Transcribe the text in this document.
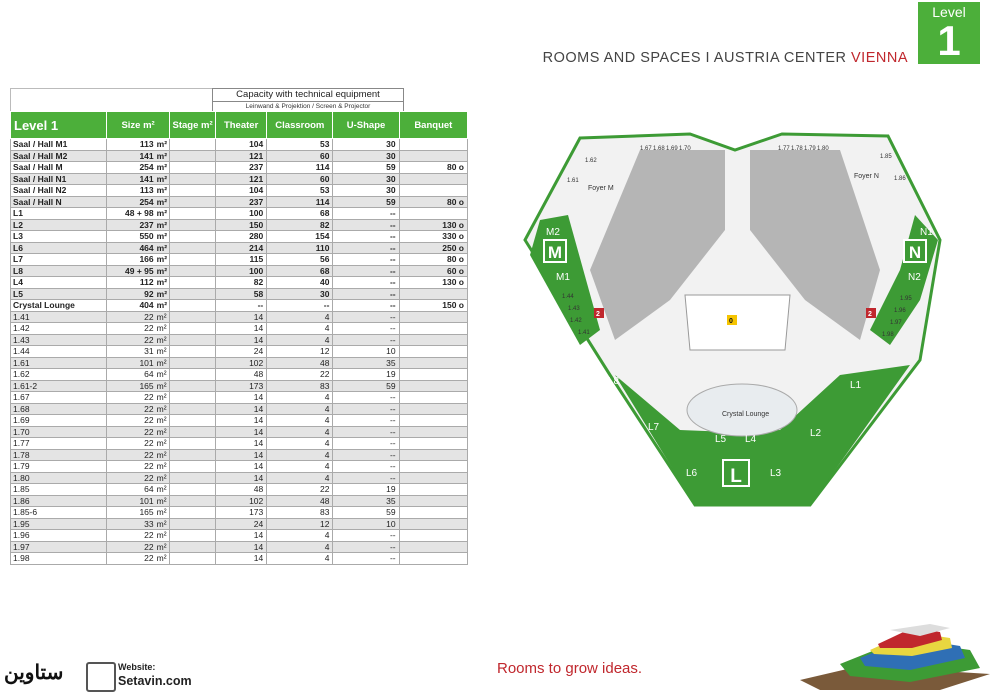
Level
1
ROOMS AND SPACES I AUSTRIA CENTER VIENNA
Capacity with technical equipment
Leinwand & Projektion / Screen & Projector
Level 1	Size m²		Stage m²	Theater	Classroom	U-Shape	Banquet
Saal / Hall M1	113	m²		104	53	30	
Saal / Hall M2	141	m²		121	60	30	
Saal / Hall M	254	m²		237	114	59	80 o
Saal / Hall N1	141	m²		121	60	30	
Saal / Hall N2	113	m²		104	53	30	
Saal / Hall N	254	m²		237	114	59	80 o
L1	48 + 98	m²		100	68	--	
L2	237	m²		150	82	--	130 o
L3	550	m²		280	154	--	330 o
L6	464	m²		214	110	--	250 o
L7	166	m²		115	56	--	80 o
L8	49 + 95	m²		100	68	--	60 o
L4	112	m²		82	40	--	130 o
L5	92	m²		58	30	--	
Crystal Lounge	404	m²		--	--	--	150 o
1.41	22	m²		14	4	--	
1.42	22	m²		14	4	--	
1.43	22	m²		14	4	--	
1.44	31	m²		24	12	10	
1.61	101	m²		102	48	35	
1.62	64	m²		48	22	19	
1.61-2	165	m²		173	83	59	
1.67	22	m²		14	4	--	
1.68	22	m²		14	4	--	
1.69	22	m²		14	4	--	
1.70	22	m²		14	4	--	
1.77	22	m²		14	4	--	
1.78	22	m²		14	4	--	
1.79	22	m²		14	4	--	
1.80	22	m²		14	4	--	
1.85	64	m²		48	22	19	
1.86	101	m²		102	48	35	
1.85-6	165	m²		173	83	59	
1.95	33	m²		24	12	10	
1.96	22	m²		14	4	--	
1.97	22	m²		14	4	--	
1.98	22	m²		14	4	--	
M	N
L
M2
M1
N1
N2
L1
L2
L3
L4
L5
L6
L7
L8
Foyer M
Foyer N
Crystal Lounge
1.62
1.61
1.67 1.68 1.69 1.70	1.77 1.78 1.79 1.80
1.85
1.86
1.44
1.43
1.42
1.41
1.95
1.96
1.97
1.98
0
2	2
Rooms to grow ideas.
ستاوین	Website:
Setavin.com
